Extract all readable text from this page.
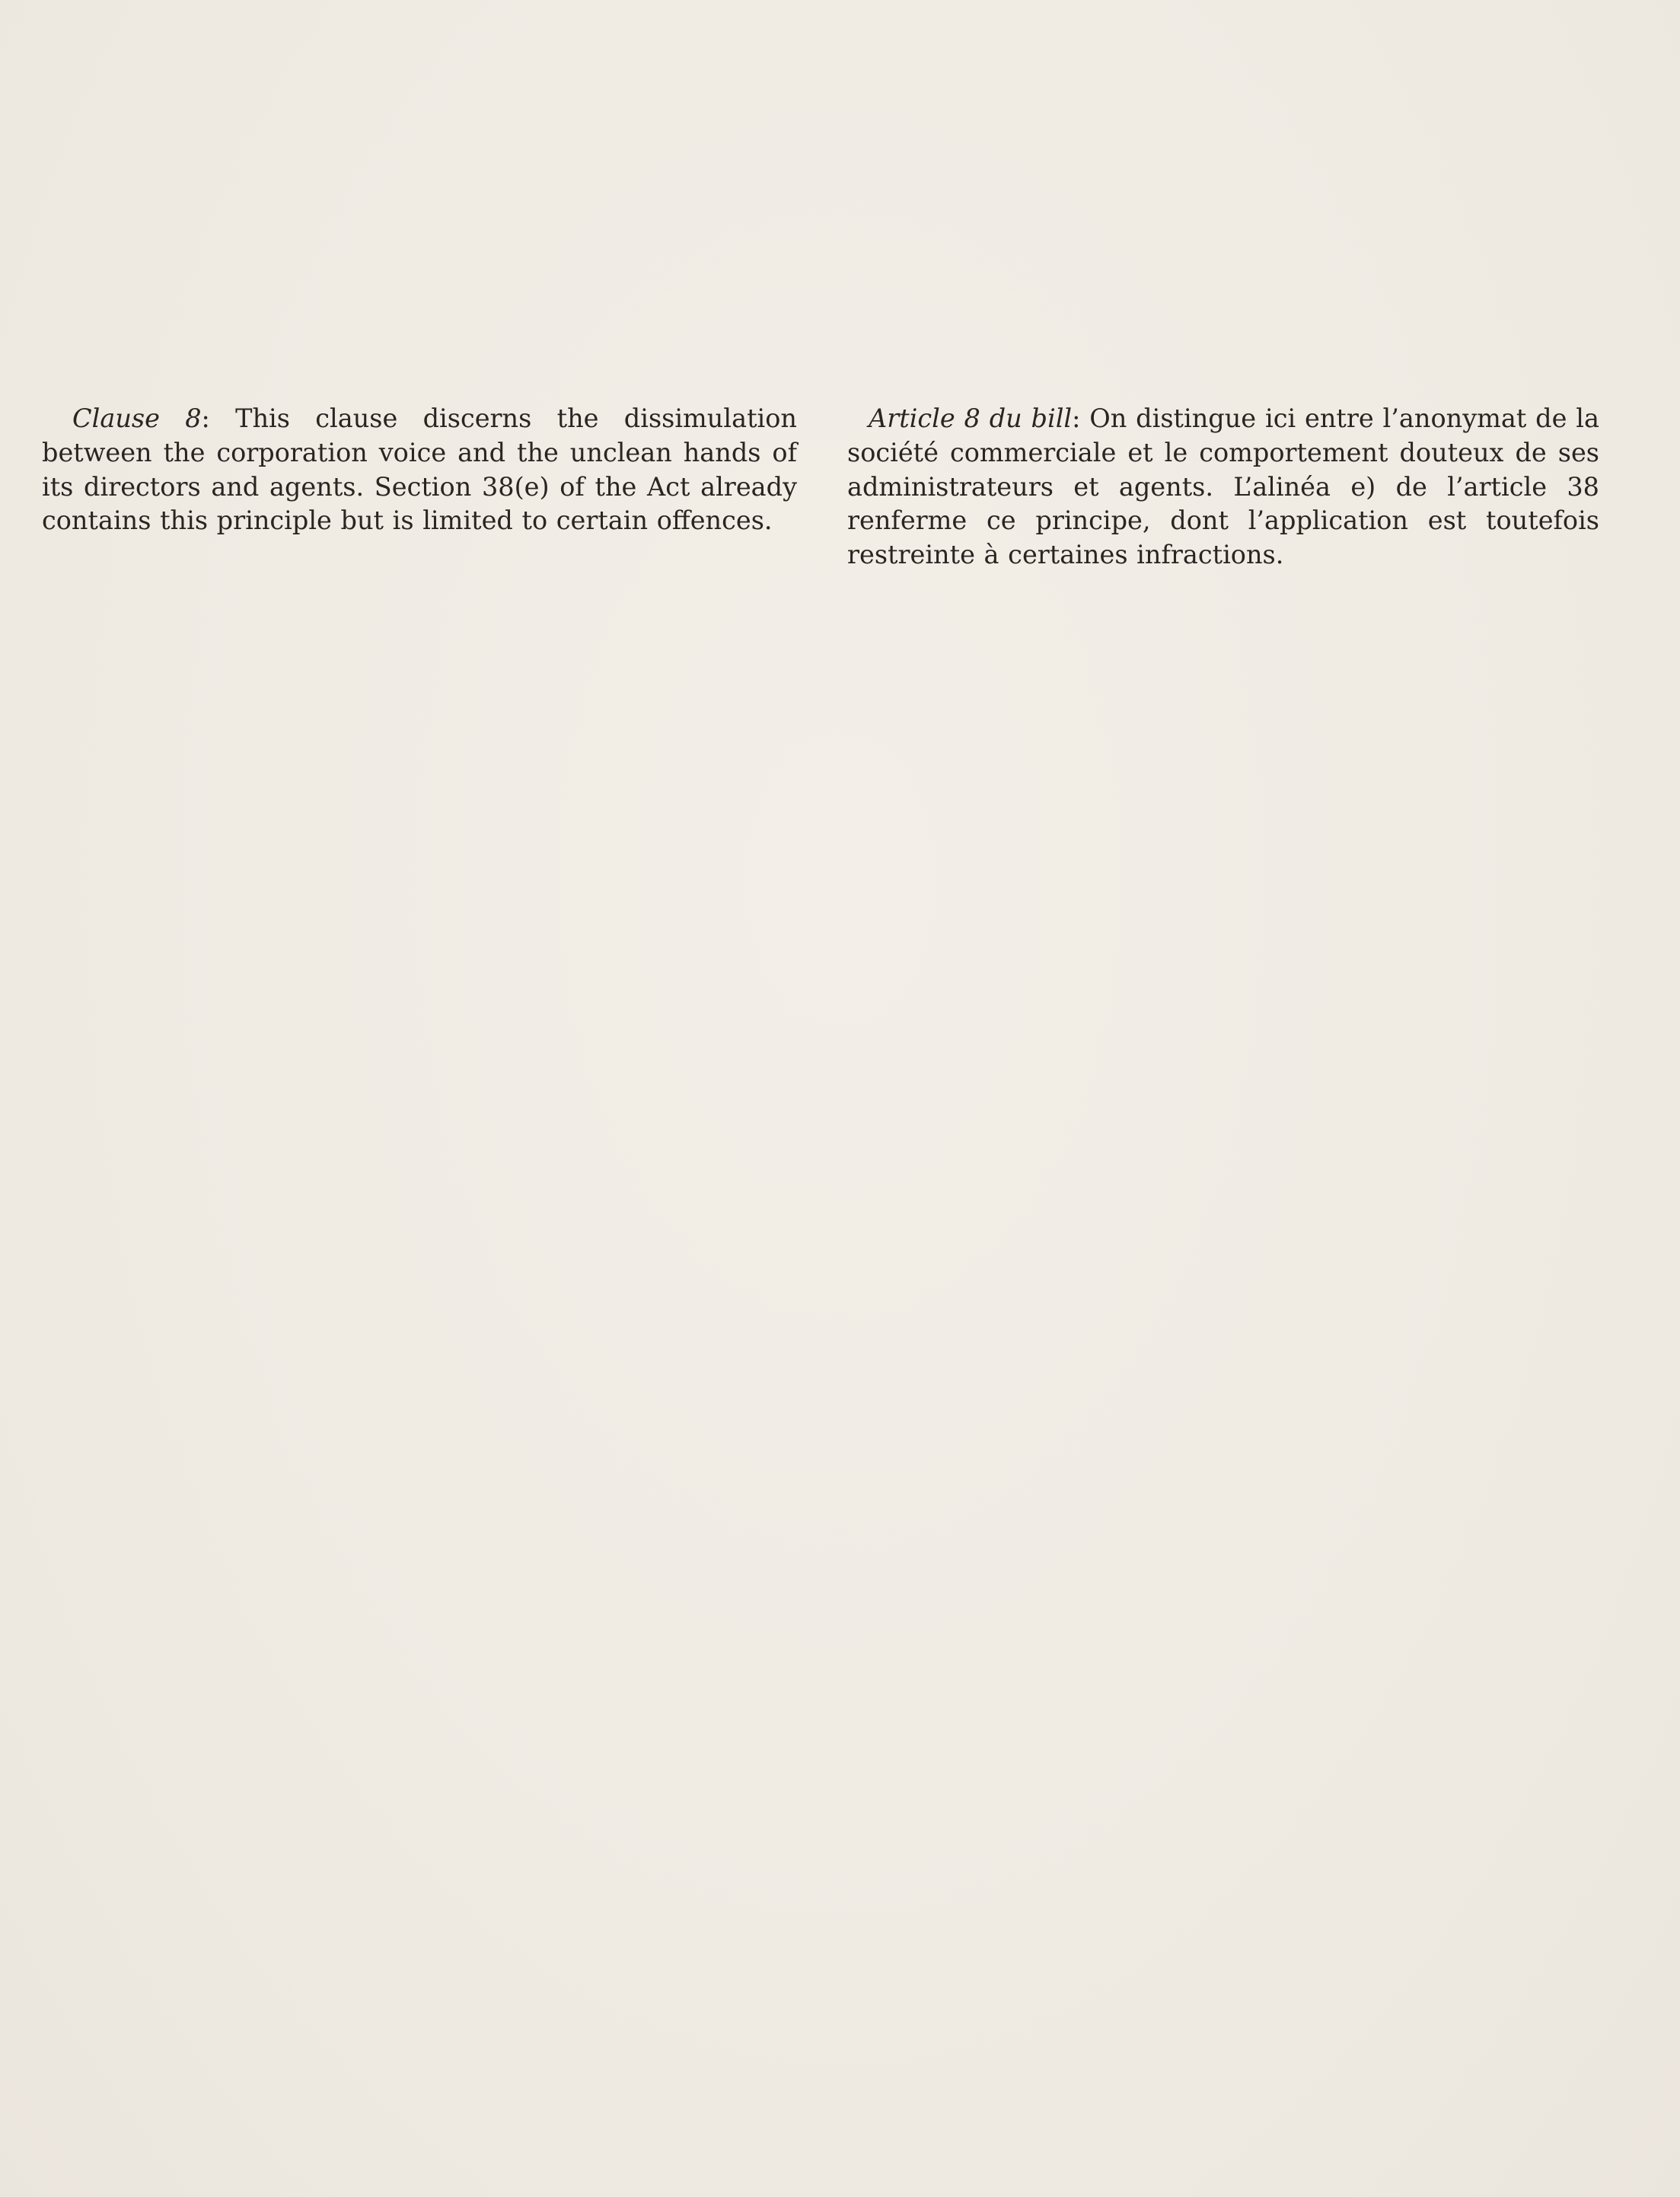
Clause 8: This clause discerns the dissimulation between the corporation voice and the unclean hands of its directors and agents. Section 38(e) of the Act already contains this principle but is limited to certain offences.

Article 8 du bill: On distingue ici entre l’anonymat de la société commerciale et le comportement douteux de ses administrateurs et agents. L’alinéa e) de l’article 38 renferme ce principe, dont l’application est toutefois restreinte à certaines infractions.
